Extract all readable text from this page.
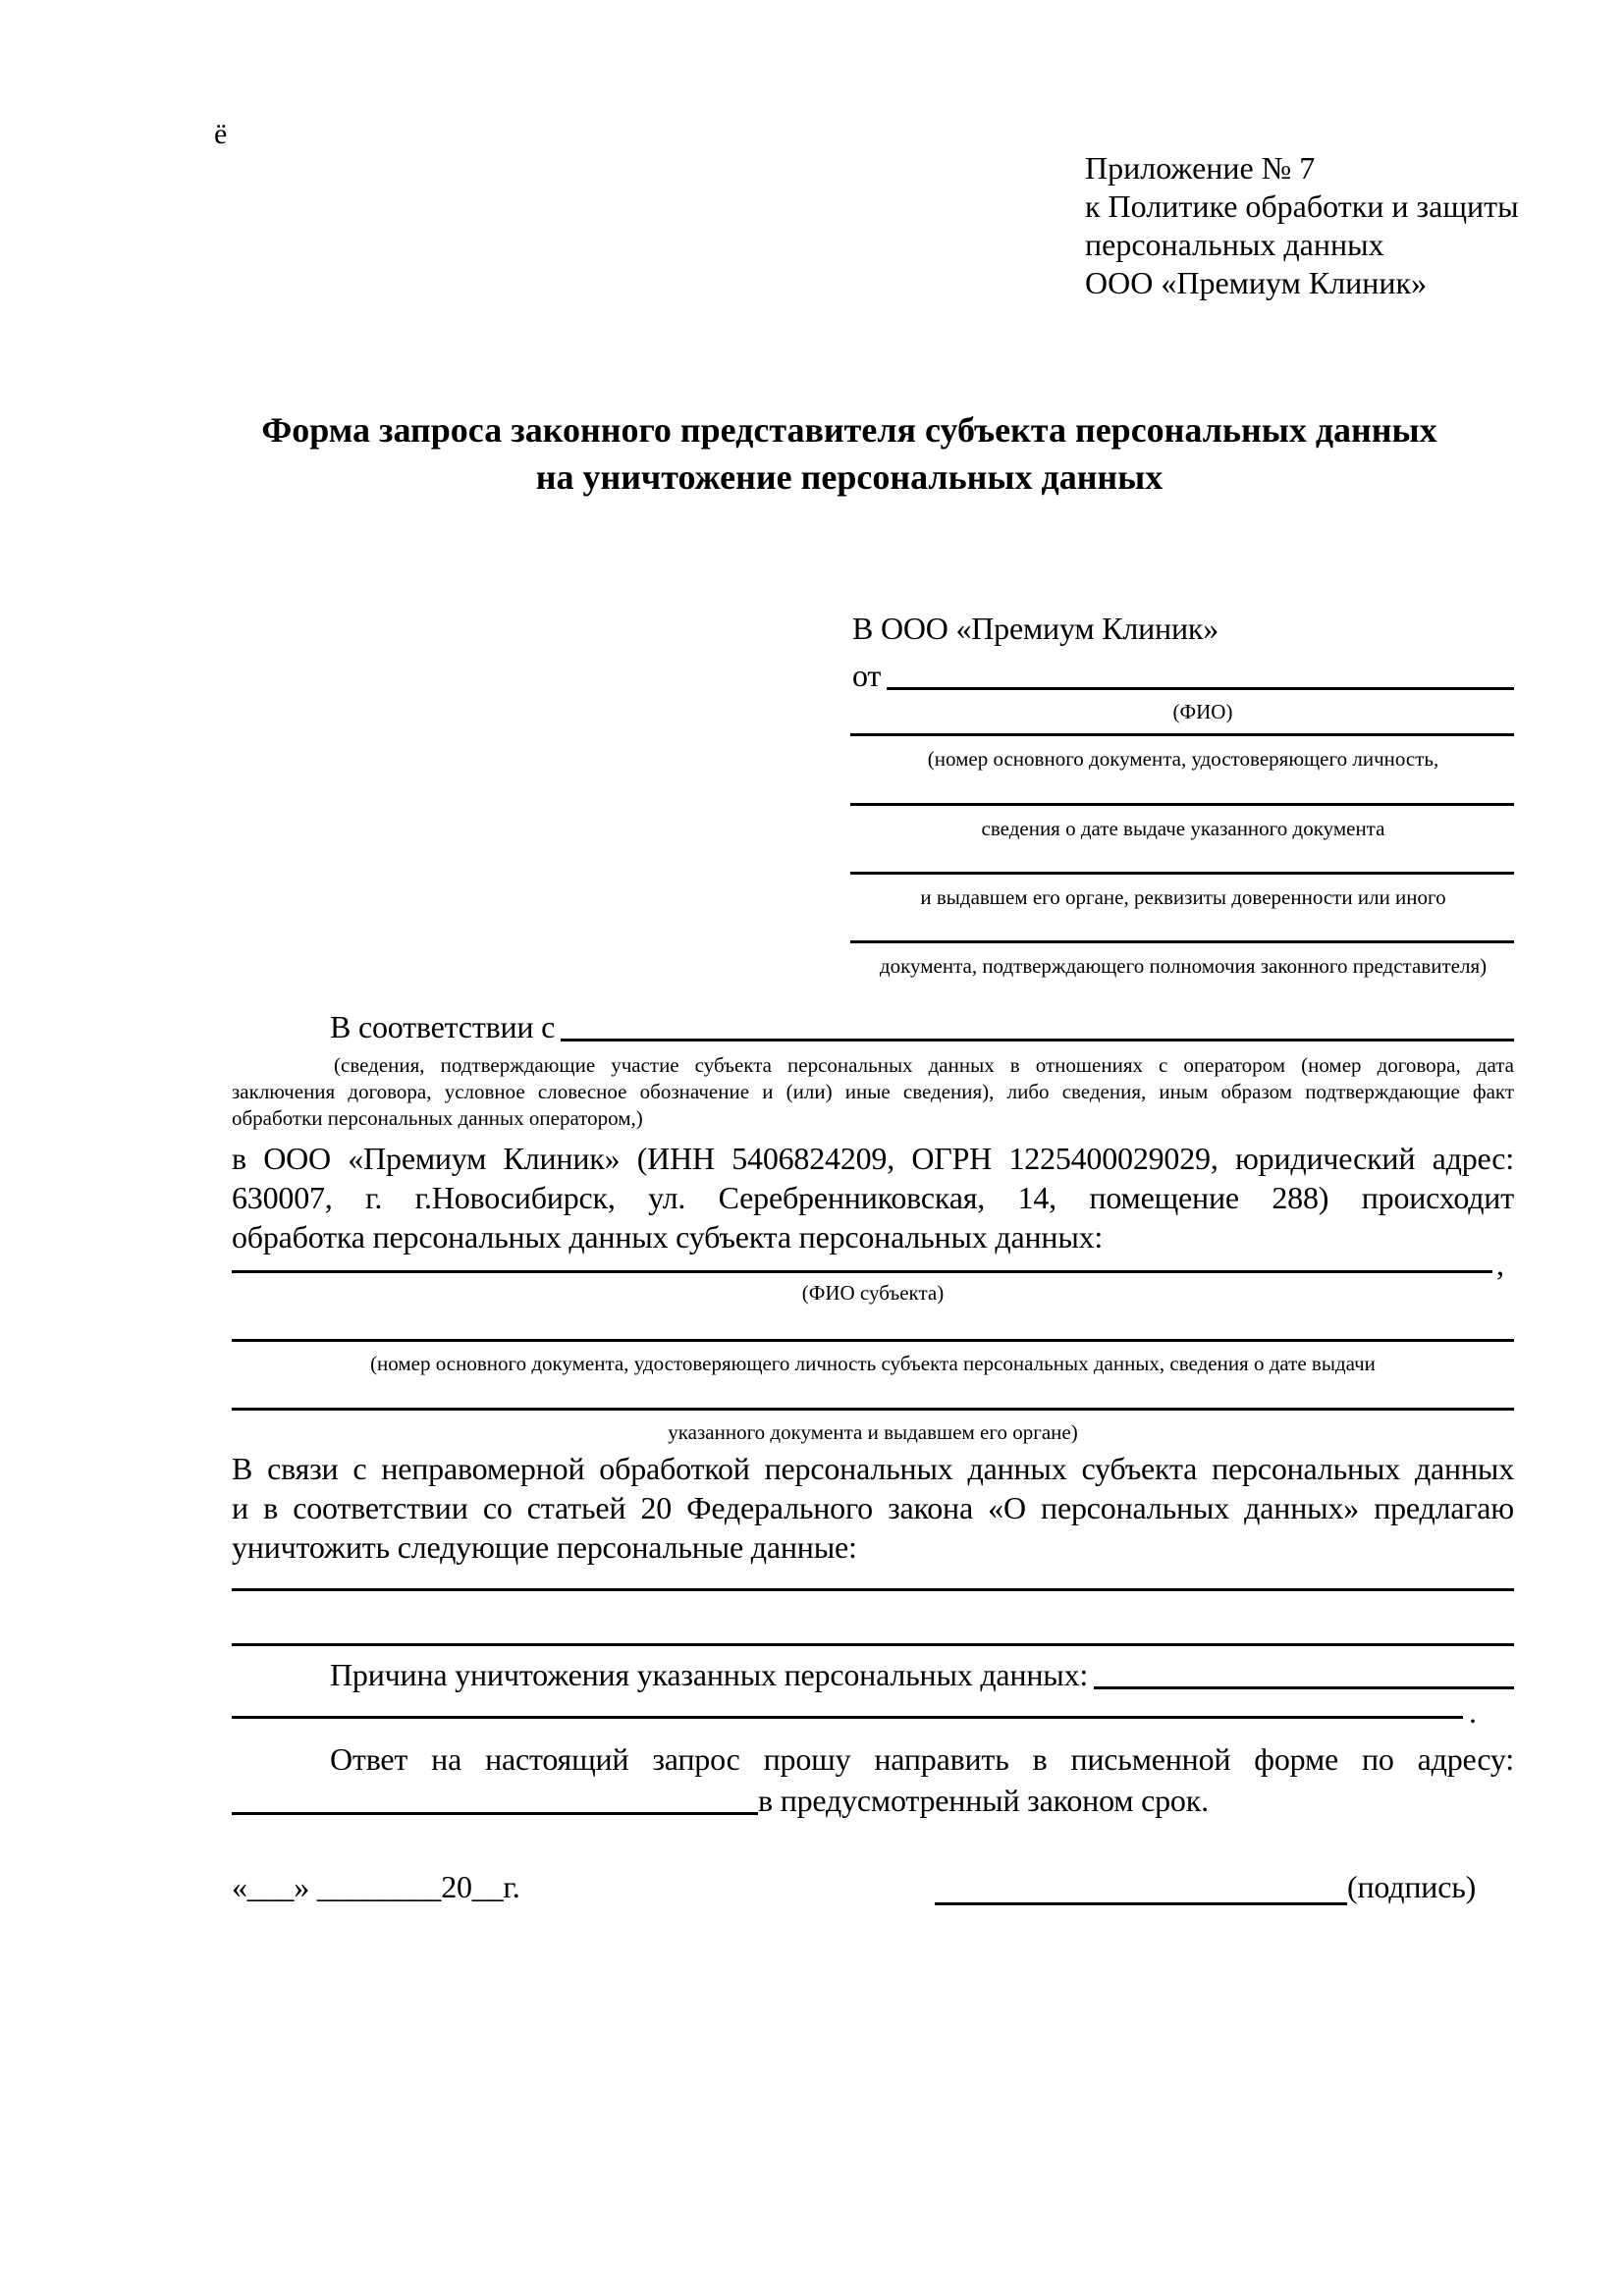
ё
Приложение № 7
к Политике обработки и защиты
персональных данных
ООО «Премиум Клиник»
Форма запроса законного представителя субъекта персональных данных
на уничтожение персональных данных
В ООО «Премиум Клиник»
от
(ФИО)
(номер основного документа, удостоверяющего личность,
сведения о дате выдаче указанного документа
и выдавшем его органе, реквизиты доверенности или иного
документа, подтверждающего полномочия законного представителя)
В соответствии с
(сведения, подтверждающие участие субъекта персональных данных в отношениях с оператором (номер договора, дата
заключения договора, условное словесное обозначение и (или) иные сведения), либо сведения, иным образом подтверждающие факт
обработки персональных данных оператором,)
в ООО «Премиум Клиник» (ИНН 5406824209, ОГРН 1225400029029, юридический адрес:
630007, г. г.Новосибирск, ул. Серебренниковская, 14, помещение 288) происходит
обработка персональных данных субъекта персональных данных:
,
(ФИО субъекта)
(номер основного документа, удостоверяющего личность субъекта персональных данных, сведения о дате выдачи
указанного документа и выдавшем его органе)
В связи с неправомерной обработкой персональных данных субъекта персональных данных
и в соответствии со статьей 20 Федерального закона «О персональных данных» предлагаю
уничтожить следующие персональные данные:
Причина уничтожения указанных персональных данных:
.
Ответ на настоящий запрос прошу направить в письменной форме по адресу:
в предусмотренный законом срок.
«___» ________20__г.	(подпись)
